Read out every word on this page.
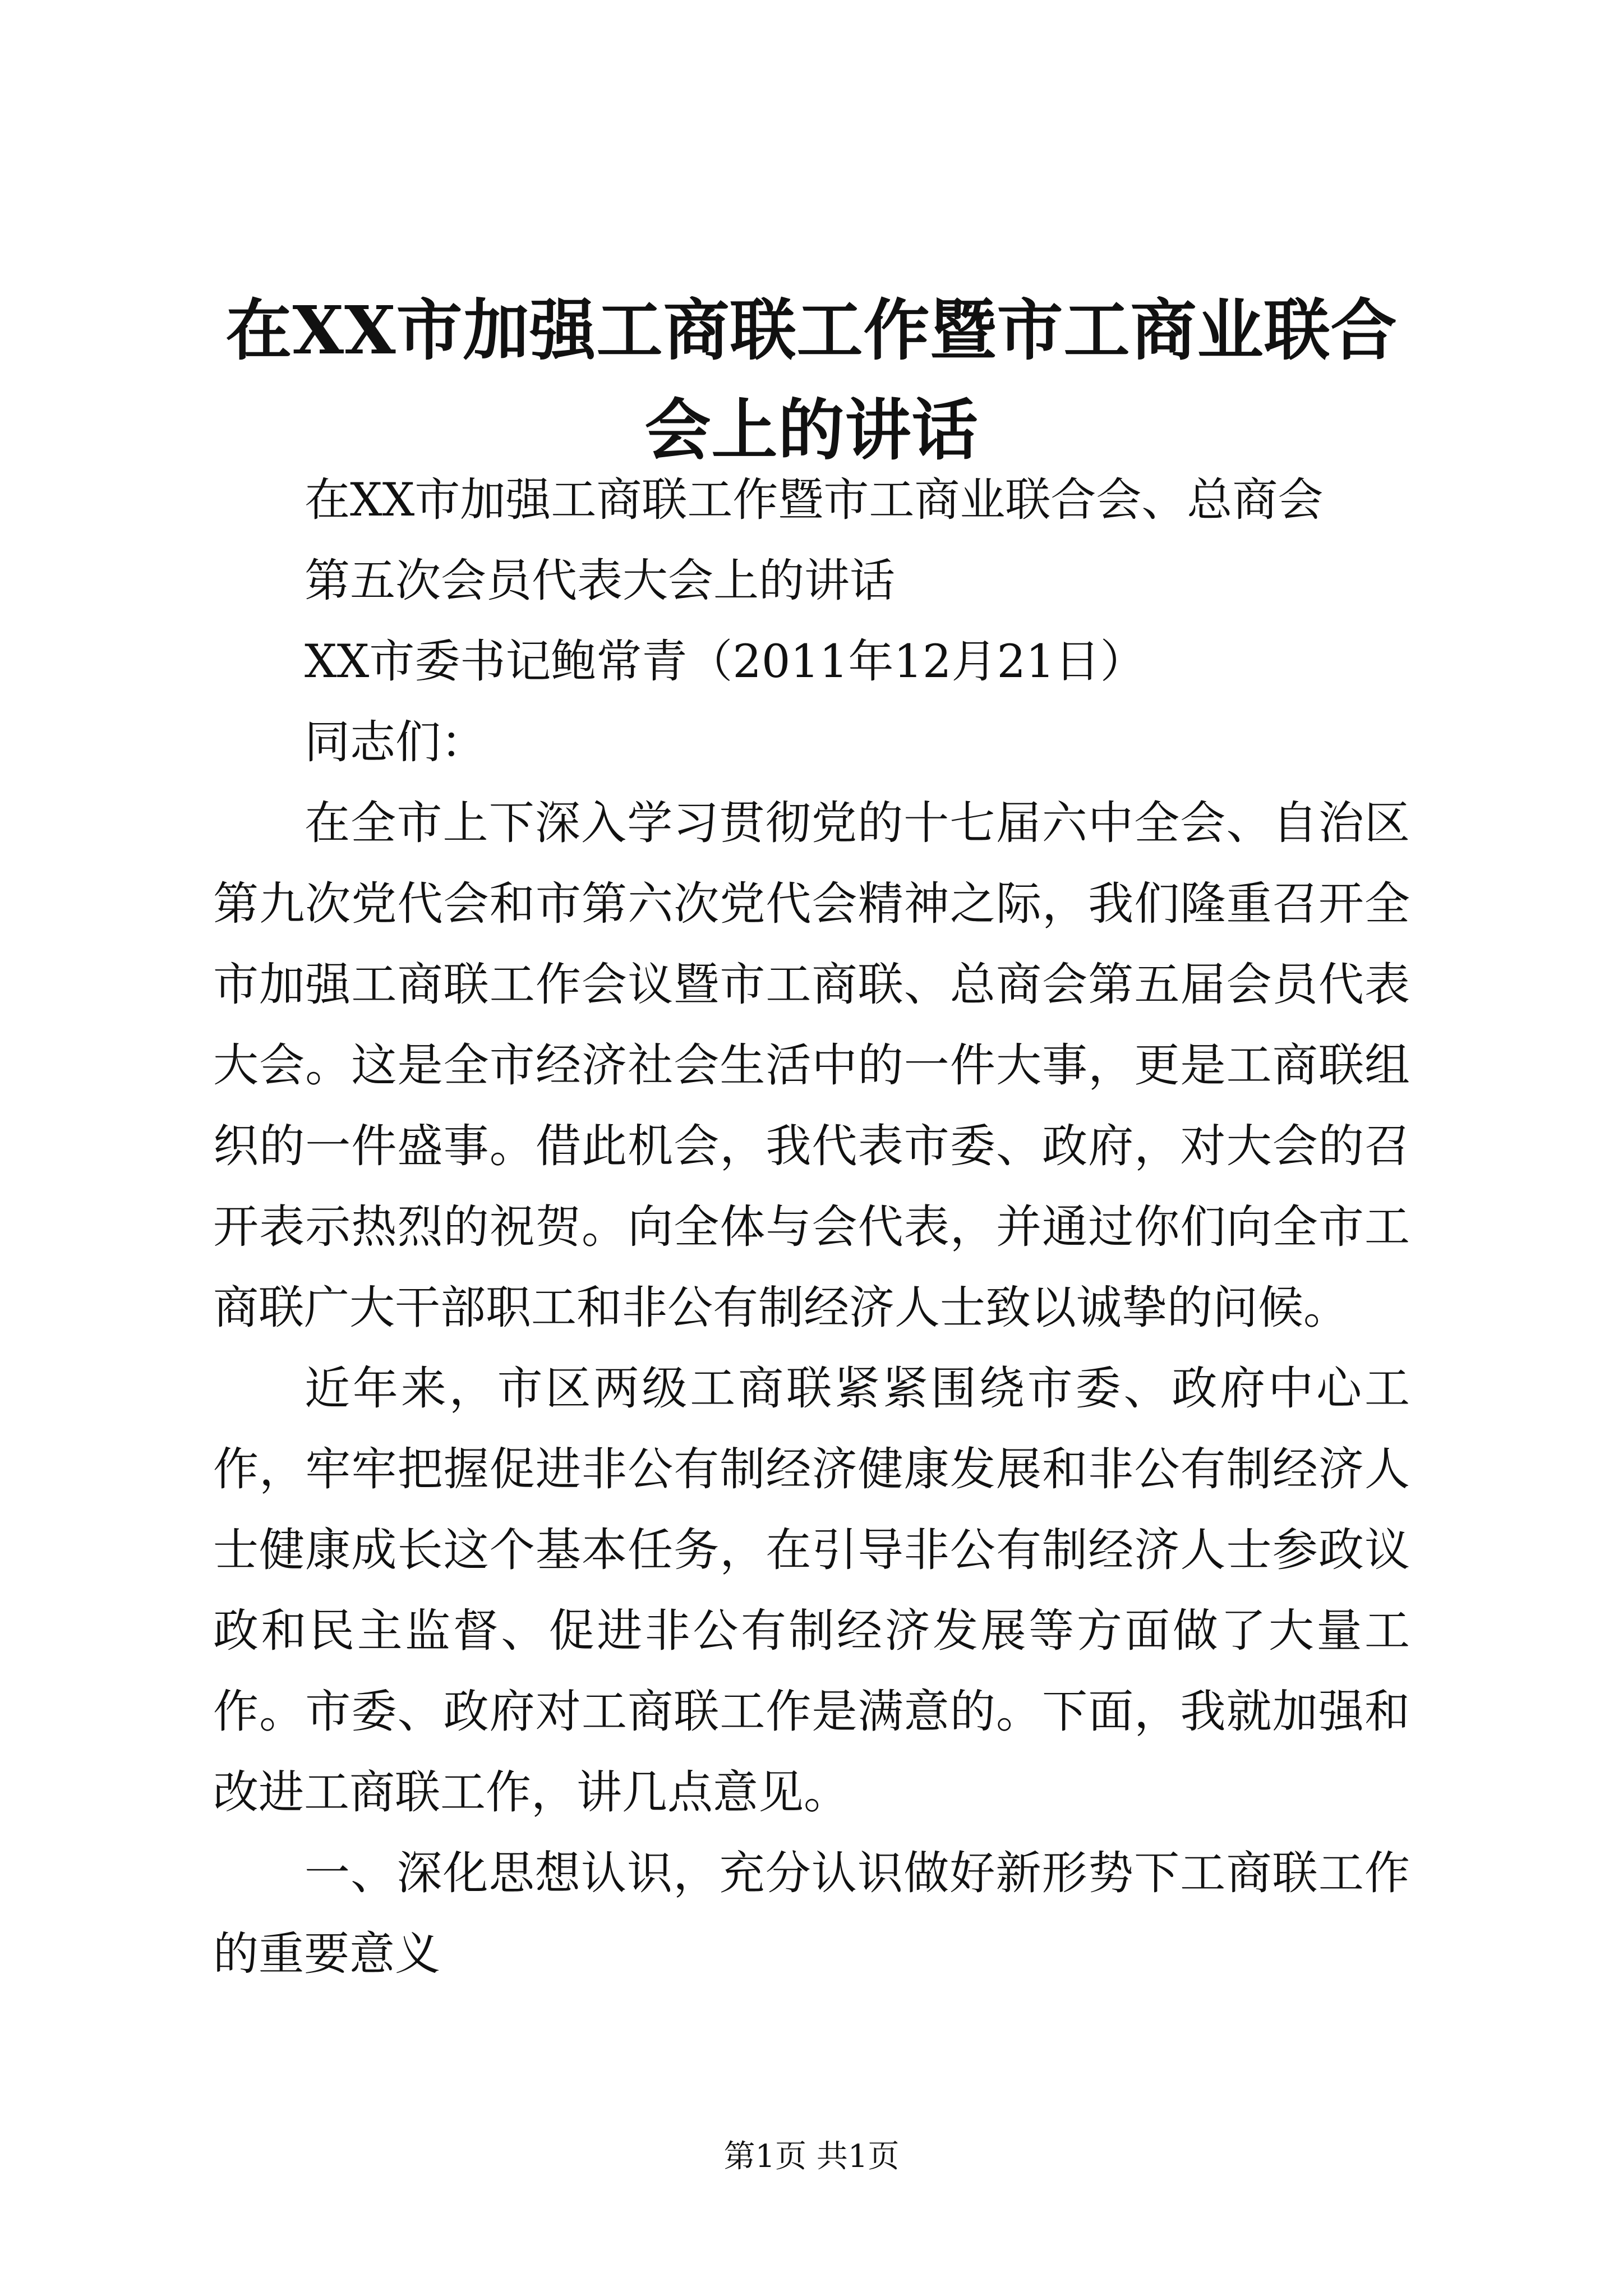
在XX市加强工商联工作暨市工商业联合会上的讲话

在XX市加强工商联工作暨市工商业联合会、总商会

第五次会员代表大会上的讲话

XX市委书记鲍常青（2011年12月21日）

同志们：

在全市上下深入学习贯彻党的十七届六中全会、自治区第九次党代会和市第六次党代会精神之际，我们隆重召开全市加强工商联工作会议暨市工商联、总商会第五届会员代表大会。这是全市经济社会生活中的一件大事，更是工商联组织的一件盛事。借此机会，我代表市委、政府，对大会的召开表示热烈的祝贺。向全体与会代表，并通过你们向全市工商联广大干部职工和非公有制经济人士致以诚挚的问候。

近年来，市区两级工商联紧紧围绕市委、政府中心工作，牢牢把握促进非公有制经济健康发展和非公有制经济人士健康成长这个基本任务，在引导非公有制经济人士参政议政和民主监督、促进非公有制经济发展等方面做了大量工作。市委、政府对工商联工作是满意的。下面，我就加强和改进工商联工作，讲几点意见。

一、深化思想认识，充分认识做好新形势下工商联工作的重要意义

第1页 共1页
